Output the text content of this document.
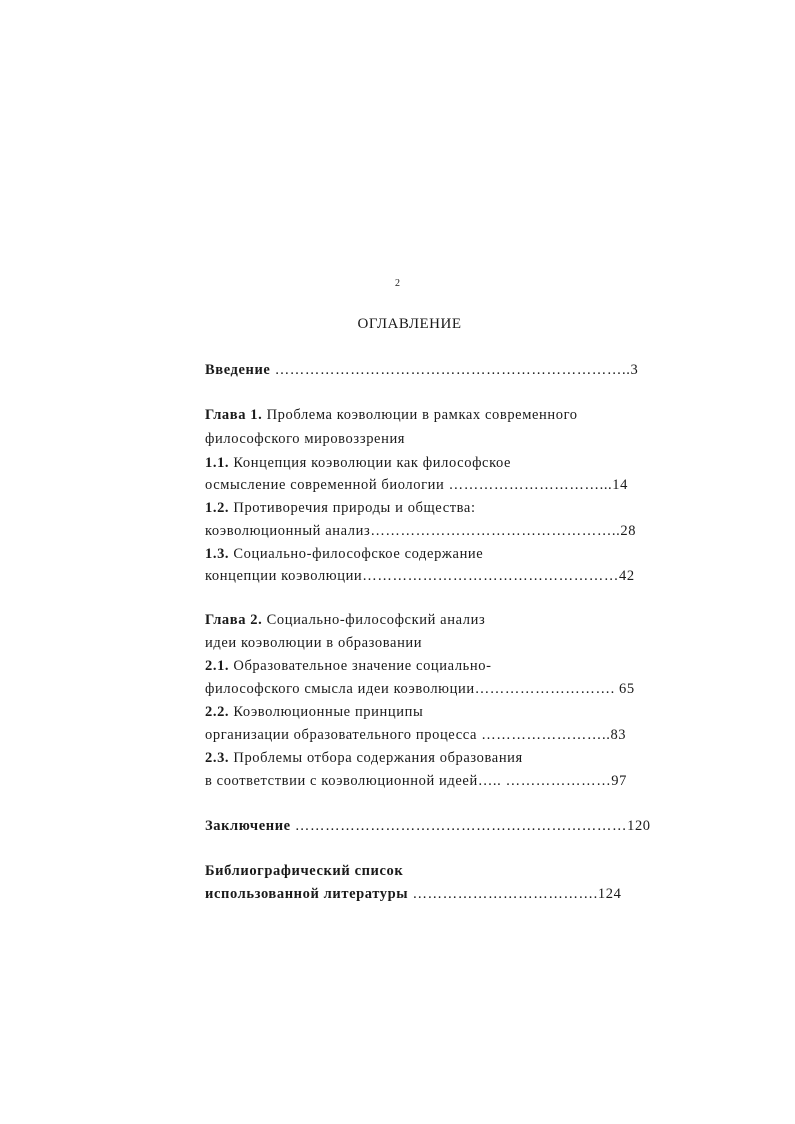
2
ОГЛАВЛЕНИЕ
Введение ……………………………………………………………..3
Глава 1. Проблема коэволюции в рамках современного
философского мировоззрения
1.1. Концепция коэволюции как философское
осмысление современной биологии …………………………...14
1.2. Противоречия природы и общества:
коэволюционный анализ…………………………………………..28
1.3. Социально-философское содержание
концепции коэволюции……………………………………………42
Глава 2. Социально-философский анализ
идеи коэволюции в образовании
2.1. Образовательное значение социально-
философского смысла идеи коэволюции………………………. 65
2.2. Коэволюционные принципы
организации образовательного процесса ……………………..83
2.3. Проблемы отбора содержания образования
в соответствии с коэволюционной идеей….. …………………97
Заключение …………………………………………………………120
Библиографический список
использованной литературы ……………………………….124
